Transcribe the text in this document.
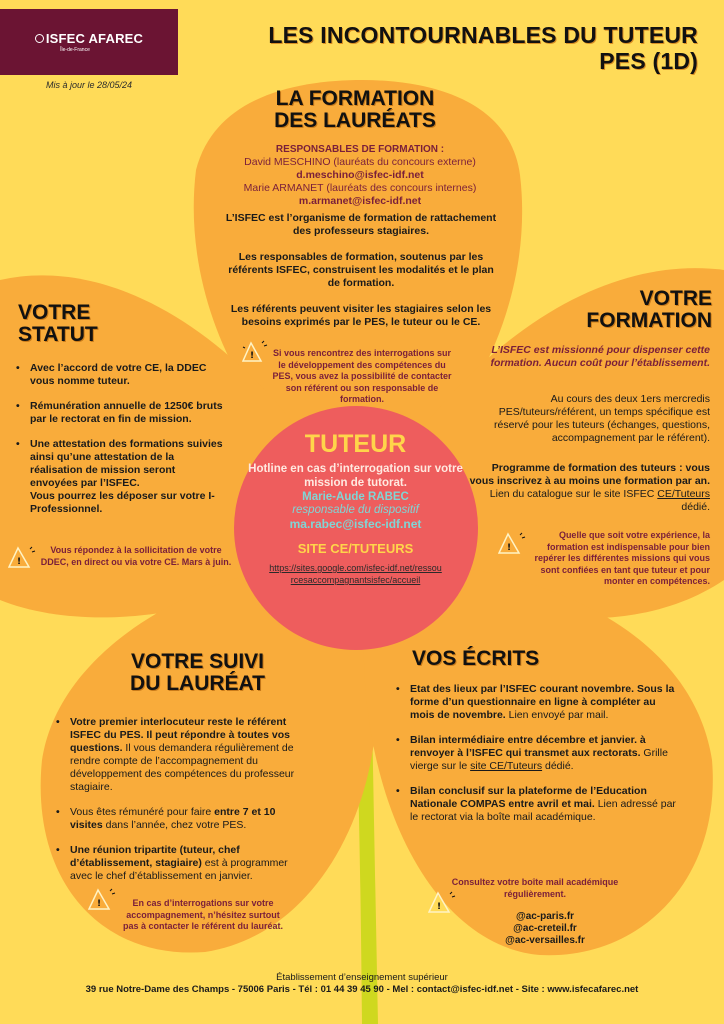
ISFEC AFAREC
Île-de-France
Mis à jour le 28/05/24
LES INCONTOURNABLES DU TUTEUR
PES (1D)
LA FORMATION
DES LAURÉATS
RESPONSABLES DE FORMATION :
David MESCHINO (lauréats du concours externe)
d.meschino@isfec-idf.net
Marie ARMANET (lauréats des concours internes)
m.armanet@isfec-idf.net

L’ISFEC est l’organisme de formation de rattachement des professeurs stagiaires.

Les responsables de formation, soutenus par les référents ISFEC, construisent les modalités et le plan de formation.

Les référents peuvent visiter les stagiaires selon les besoins exprimés par le PES, le tuteur ou le CE.

!	Si vous rencontrez des interrogations sur le développement des compétences du PES, vous avez la possibilité de contacter son référent ou son responsable de formation.
VOTRE
STATUT
• Avec l’accord de votre CE, la DDEC vous nomme tuteur.
• Rémunération annuelle de 1250€ bruts par le rectorat en fin de mission.
• Une attestation des formations suivies ainsi qu’une attestation de la réalisation de mission seront envoyées par l’ISFEC.
Vous pourrez les déposer sur votre I-Professionnel.
!
Vous répondez à la sollicitation de votre DDEC, en direct ou via votre CE. Mars à juin.
VOTRE
FORMATION
L’ISFEC est missionné pour dispenser cette formation. Aucun coût pour l’établissement.
Au cours des deux 1ers mercredis PES/tuteurs/référent, un temps spécifique est réservé pour les tuteurs (échanges, questions, accompagnement par le référent).
Programme de formation des tuteurs : vous vous inscrivez à au moins une formation par an. Lien du catalogue sur le site ISFEC CE/Tuteurs dédié.
!
Quelle que soit votre expérience, la formation est indispensable pour bien repérer les différentes missions qui vous sont confiées en tant que tuteur et pour monter en compétences.
TUTEUR
Hotline en cas d’interrogation sur votre mission de tutorat.
Marie-Aude RABEC
responsable du dispositif
ma.rabec@isfec-idf.net
SITE CE/TUTEURS
https://sites.google.com/isfec-idf.net/ressourcesaccompagnantsisfec/accueil
VOTRE SUIVI
DU LAURÉAT
• Votre premier interlocuteur reste le référent ISFEC du PES. Il peut répondre à toutes vos questions. Il vous demandera régulièrement de rendre compte de l’accompagnement du développement des compétences du professeur stagiaire.
• Vous êtes rémunéré pour faire entre 7 et 10 visites dans l’année, chez votre PES.
• Une réunion tripartite (tuteur, chef d’établissement, stagiaire) est à programmer avec le chef d’établissement en janvier.
!	En cas d’interrogations sur votre accompagnement, n’hésitez surtout pas à contacter le référent du lauréat.
VOS ÉCRITS
• Etat des lieux par l’ISFEC courant novembre. Sous la forme d’un questionnaire en ligne à compléter au mois de novembre. Lien envoyé par mail.
• Bilan intermédiaire entre décembre et janvier. à renvoyer à l’ISFEC qui transmet aux rectorats. Grille vierge sur le site CE/Tuteurs dédié.
• Bilan conclusif sur la plateforme de l’Education Nationale COMPAS entre avril et mai. Lien adressé par le rectorat via la boîte mail académique.
!
Consultez votre boîte mail académique régulièrement.
@ac-paris.fr
@ac-creteil.fr
@ac-versailles.fr
Établissement d’enseignement supérieur
39 rue Notre-Dame des Champs - 75006 Paris - Tél : 01 44 39 45 90 - Mel : contact@isfec-idf.net - Site : www.isfecafarec.net
